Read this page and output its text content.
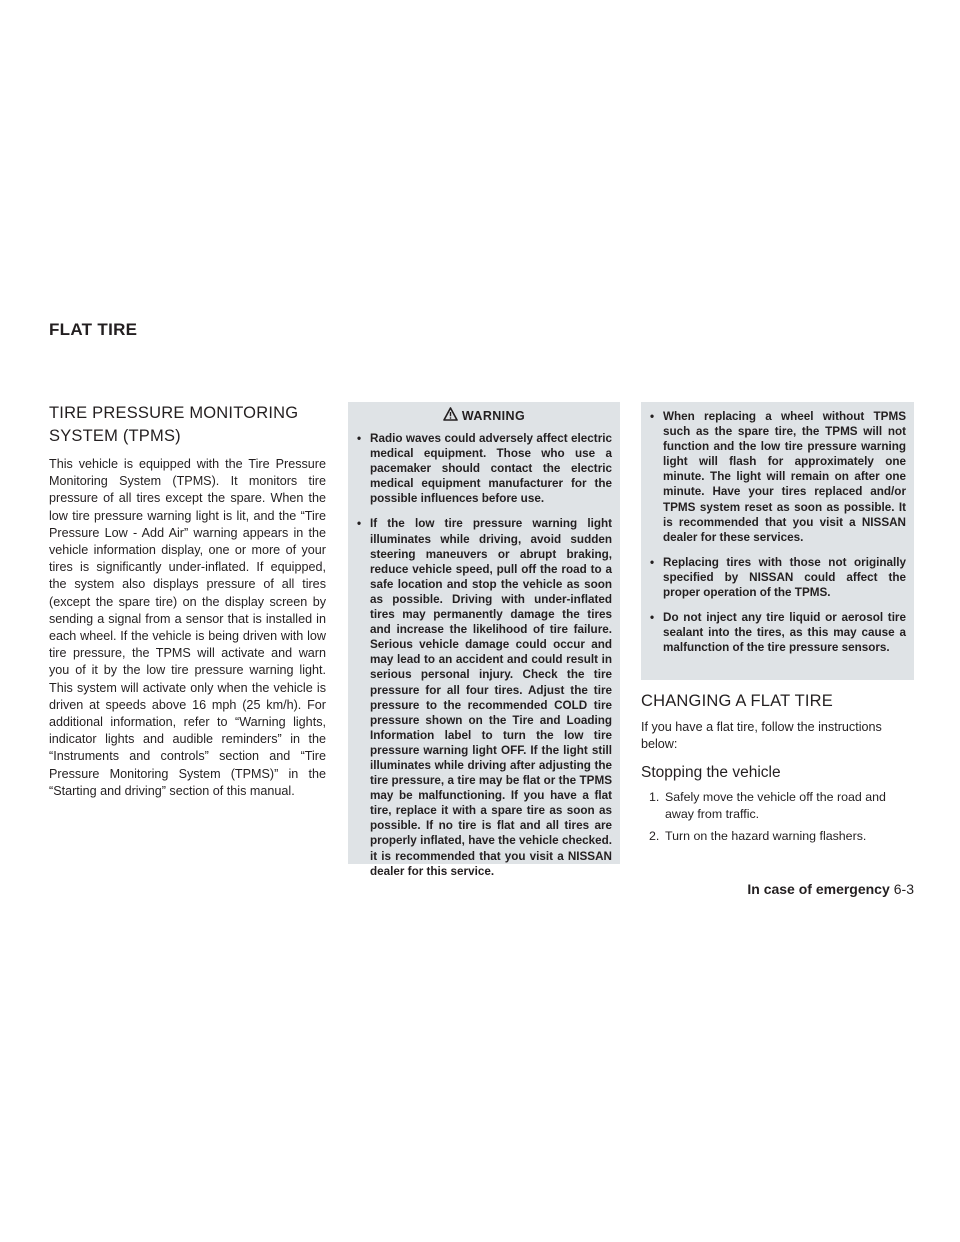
FLAT TIRE
TIRE PRESSURE MONITORING SYSTEM (TPMS)

This vehicle is equipped with the Tire Pressure Monitoring System (TPMS). It monitors tire pressure of all tires except the spare. When the low tire pressure warning light is lit, and the “Tire Pressure Low - Add Air” warning appears in the vehicle information display, one or more of your tires is significantly under-inflated. If equipped, the system also displays pressure of all tires (except the spare tire) on the display screen by sending a signal from a sensor that is installed in each wheel. If the vehicle is being driven with low tire pressure, the TPMS will activate and warn you of it by the low tire pressure warning light. This system will activate only when the vehicle is driven at speeds above 16 mph (25 km/h). For additional information, refer to “Warning lights, indicator lights and audible reminders” in the “Instruments and controls” section and “Tire Pressure Monitoring System (TPMS)” in the “Starting and driving” section of this manual.

WARNING
• Radio waves could adversely affect electric medical equipment. Those who use a pacemaker should contact the electric medical equipment manufacturer for the possible influences before use.
• If the low tire pressure warning light illuminates while driving, avoid sudden steering maneuvers or abrupt braking, reduce vehicle speed, pull off the road to a safe location and stop the vehicle as soon as possible. Driving with under-inflated tires may permanently damage the tires and increase the likelihood of tire failure. Serious vehicle damage could occur and may lead to an accident and could result in serious personal injury. Check the tire pressure for all four tires. Adjust the tire pressure to the recommended COLD tire pressure shown on the Tire and Loading Information label to turn the low tire pressure warning light OFF. If the light still illuminates while driving after adjusting the tire pressure, a tire may be flat or the TPMS may be malfunctioning. If you have a flat tire, replace it with a spare tire as soon as possible. If no tire is flat and all tires are properly inflated, have the vehicle checked. it is recommended that you visit a NISSAN dealer for this service.
• When replacing a wheel without TPMS such as the spare tire, the TPMS will not function and the low tire pressure warning light will flash for approximately one minute. The light will remain on after one minute. Have your tires replaced and/or TPMS system reset as soon as possible. It is recommended that you visit a NISSAN dealer for these services.
• Replacing tires with those not originally specified by NISSAN could affect the proper operation of the TPMS.
• Do not inject any tire liquid or aerosol tire sealant into the tires, as this may cause a malfunction of the tire pressure sensors.
CHANGING A FLAT TIRE

If you have a flat tire, follow the instructions below:

Stopping the vehicle
1. Safely move the vehicle off the road and away from traffic.
2. Turn on the hazard warning flashers.
In case of emergency 6-3
